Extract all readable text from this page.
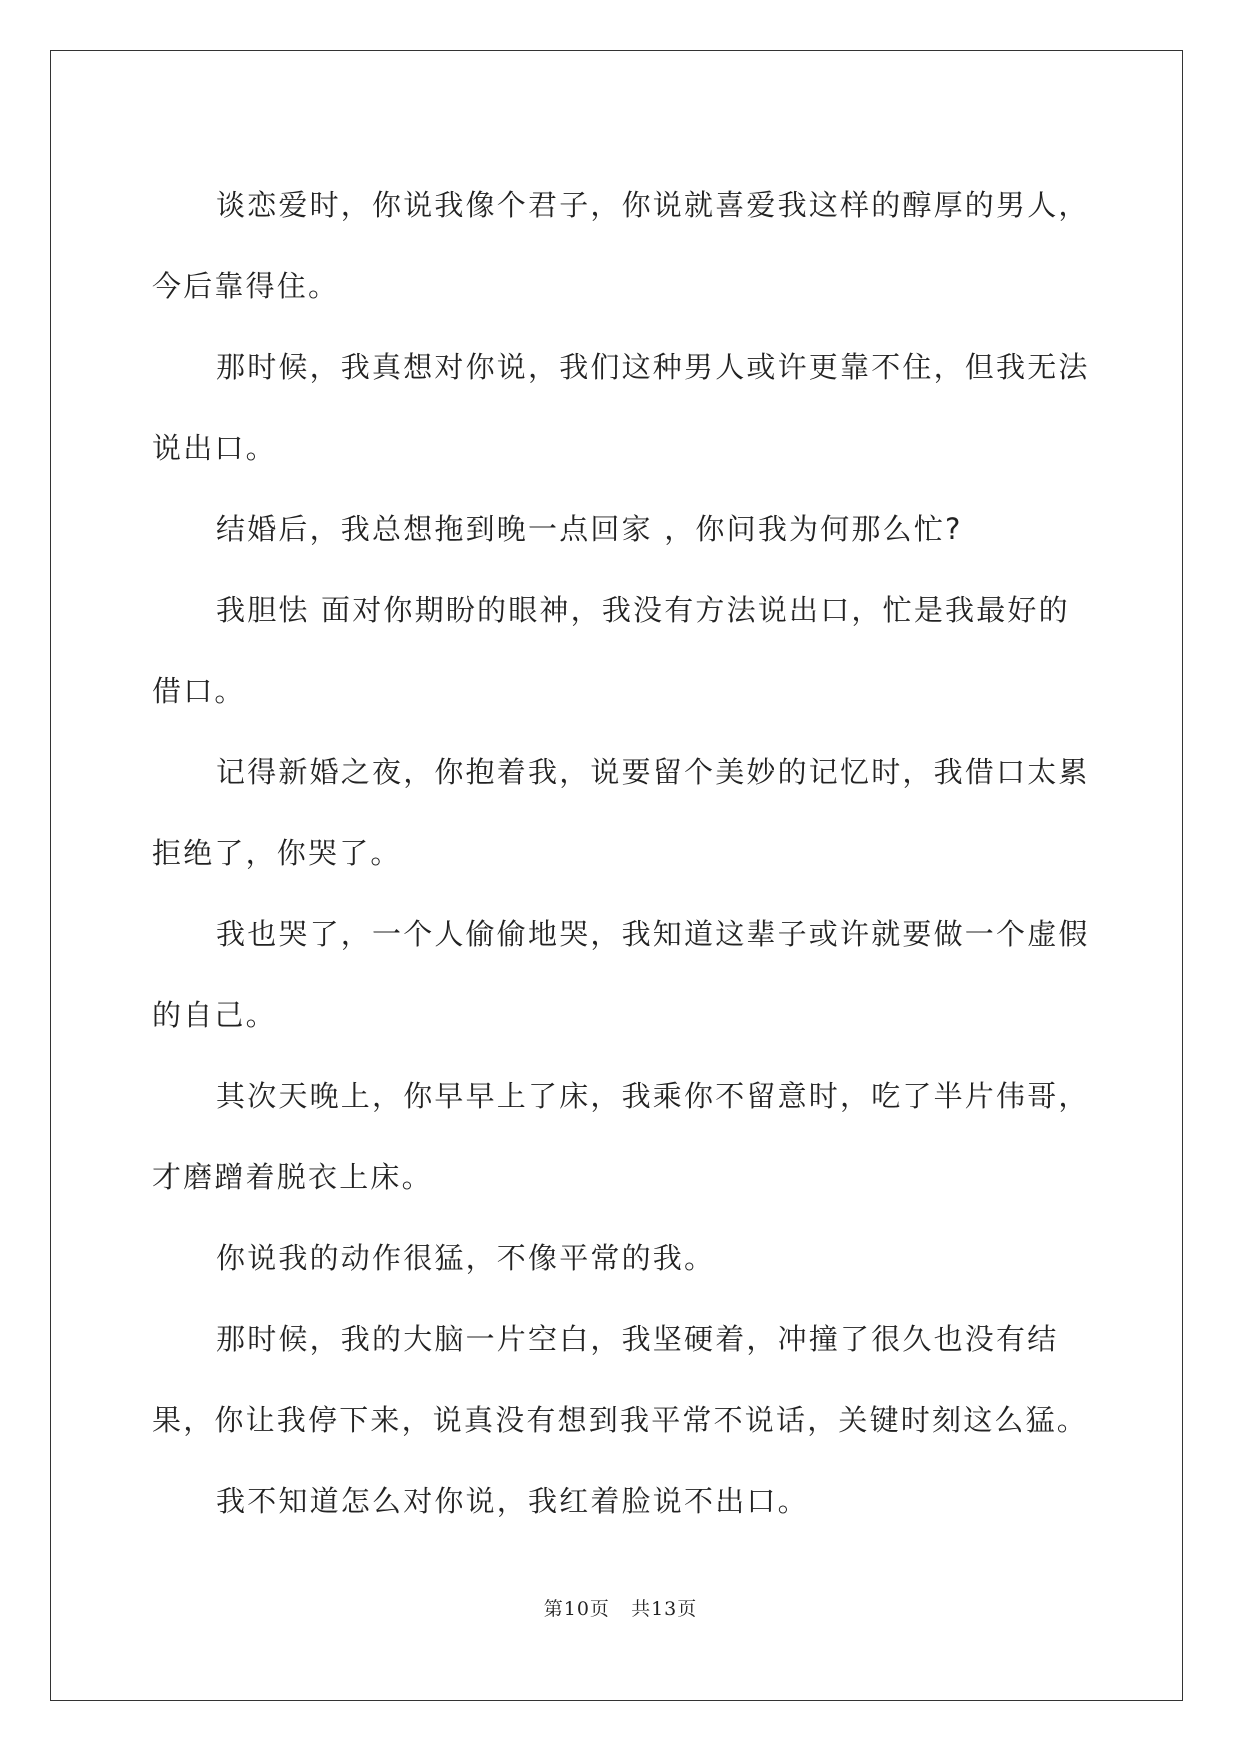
谈恋爱时，你说我像个君子，你说就喜爱我这样的醇厚的男人，今后靠得住。

那时候，我真想对你说，我们这种男人或许更靠不住，但我无法说出口。

结婚后，我总想拖到晚一点回家 ，你问我为何那么忙?

我胆怯 面对你期盼的眼神，我没有方法说出口，忙是我最好的借口。

记得新婚之夜，你抱着我，说要留个美妙的记忆时，我借口太累拒绝了，你哭了。

我也哭了，一个人偷偷地哭，我知道这辈子或许就要做一个虚假的自己。

其次天晚上，你早早上了床，我乘你不留意时，吃了半片伟哥，才磨蹭着脱衣上床。

你说我的动作很猛，不像平常的我。

那时候，我的大脑一片空白，我坚硬着，冲撞了很久也没有结果，你让我停下来，说真没有想到我平常不说话，关键时刻这么猛。

我不知道怎么对你说，我红着脸说不出口。

第10页 共13页
